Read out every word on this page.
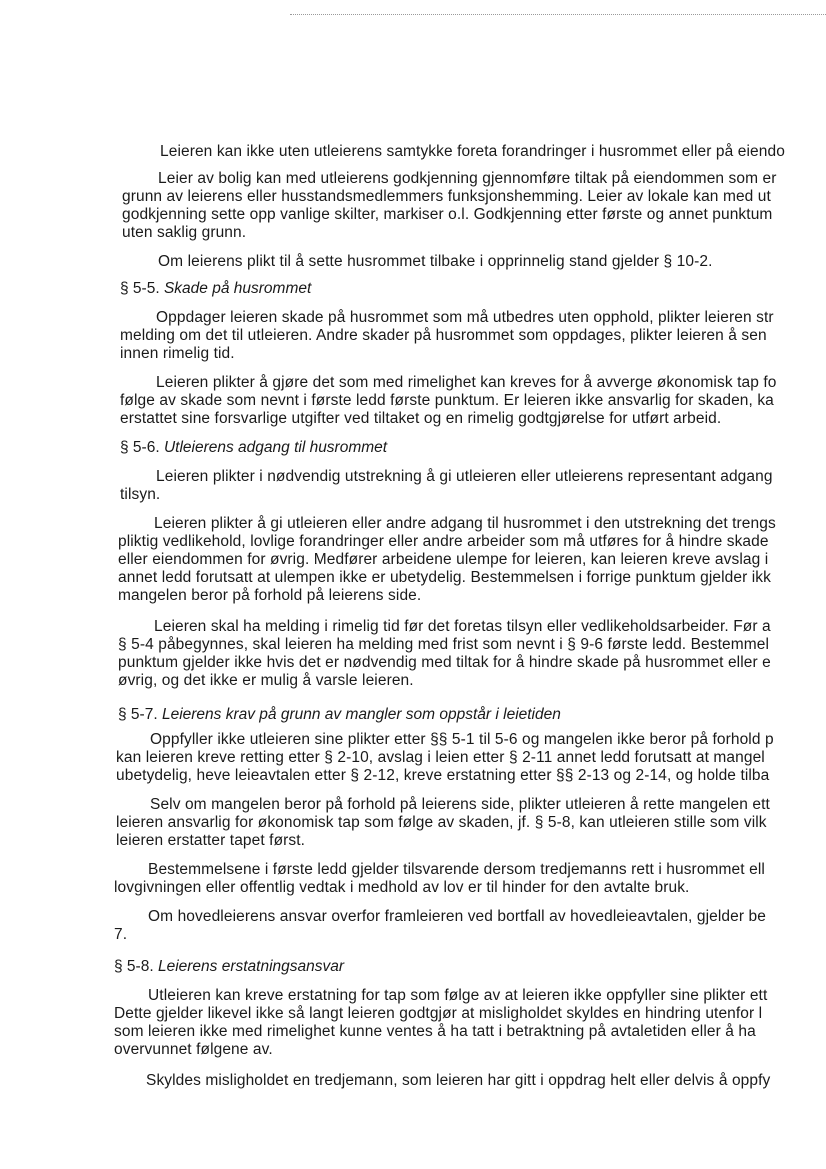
Leieren kan ikke uten utleierens samtykke foreta forandringer i husrommet eller på eiendo
Leier av bolig kan med utleierens godkjenning gjennomføre tiltak på eiendommen som er
grunn av leierens eller husstandsmedlemmers funksjonshemming. Leier av lokale kan med ut
godkjenning sette opp vanlige skilter, markiser o.l. Godkjenning etter første og annet punktum
uten saklig grunn.
Om leierens plikt til å sette husrommet tilbake i opprinnelig stand gjelder § 10-2.
Oppdager leieren skade på husrommet som må utbedres uten opphold, plikter leieren str
melding om det til utleieren. Andre skader på husrommet som oppdages, plikter leieren å sen
innen rimelig tid.
Leieren plikter å gjøre det som med rimelighet kan kreves for å avverge økonomisk tap fo
følge av skade som nevnt i første ledd første punktum. Er leieren ikke ansvarlig for skaden, ka
erstattet sine forsvarlige utgifter ved tiltaket og en rimelig godtgjørelse for utført arbeid.
Leieren plikter i nødvendig utstrekning å gi utleieren eller utleierens representant adgang
tilsyn.
Leieren plikter å gi utleieren eller andre adgang til husrommet i den utstrekning det trengs
pliktig vedlikehold, lovlige forandringer eller andre arbeider som må utføres for å hindre skade
eller eiendommen for øvrig. Medfører arbeidene ulempe for leieren, kan leieren kreve avslag i
annet ledd forutsatt at ulempen ikke er ubetydelig. Bestemmelsen i forrige punktum gjelder ikk
mangelen beror på forhold på leierens side.
Leieren skal ha melding i rimelig tid før det foretas tilsyn eller vedlikeholdsarbeider. Før a
§ 5-4 påbegynnes, skal leieren ha melding med frist som nevnt i § 9-6 første ledd. Bestemmel
punktum gjelder ikke hvis det er nødvendig med tiltak for å hindre skade på husrommet eller e
øvrig, og det ikke er mulig å varsle leieren.
Oppfyller ikke utleieren sine plikter etter §§ 5-1 til 5-6 og mangelen ikke beror på forhold p
kan leieren kreve retting etter § 2-10, avslag i leien etter § 2-11 annet ledd forutsatt at mangel
ubetydelig, heve leieavtalen etter § 2-12, kreve erstatning etter §§ 2-13 og 2-14, og holde tilba
Selv om mangelen beror på forhold på leierens side, plikter utleieren å rette mangelen ett
leieren ansvarlig for økonomisk tap som følge av skaden, jf. § 5-8, kan utleieren stille som vilk
leieren erstatter tapet først.
Bestemmelsene i første ledd gjelder tilsvarende dersom tredjemanns rett i husrommet ell
lovgivningen eller offentlig vedtak i medhold av lov er til hinder for den avtalte bruk.
Om hovedleierens ansvar overfor framleieren ved bortfall av hovedleieavtalen, gjelder be
7.
Utleieren kan kreve erstatning for tap som følge av at leieren ikke oppfyller sine plikter ett
Dette gjelder likevel ikke så langt leieren godtgjør at misligholdet skyldes en hindring utenfor l
som leieren ikke med rimelighet kunne ventes å ha tatt i betraktning på avtaletiden eller å ha
overvunnet følgene av.
Skyldes misligholdet en tredjemann, som leieren har gitt i oppdrag helt eller delvis å oppfy
§ 5-5. Skade på husrommet
§ 5-6. Utleierens adgang til husrommet
§ 5-7. Leierens krav på grunn av mangler som oppstår i leietiden
§ 5-8. Leierens erstatningsansvar
